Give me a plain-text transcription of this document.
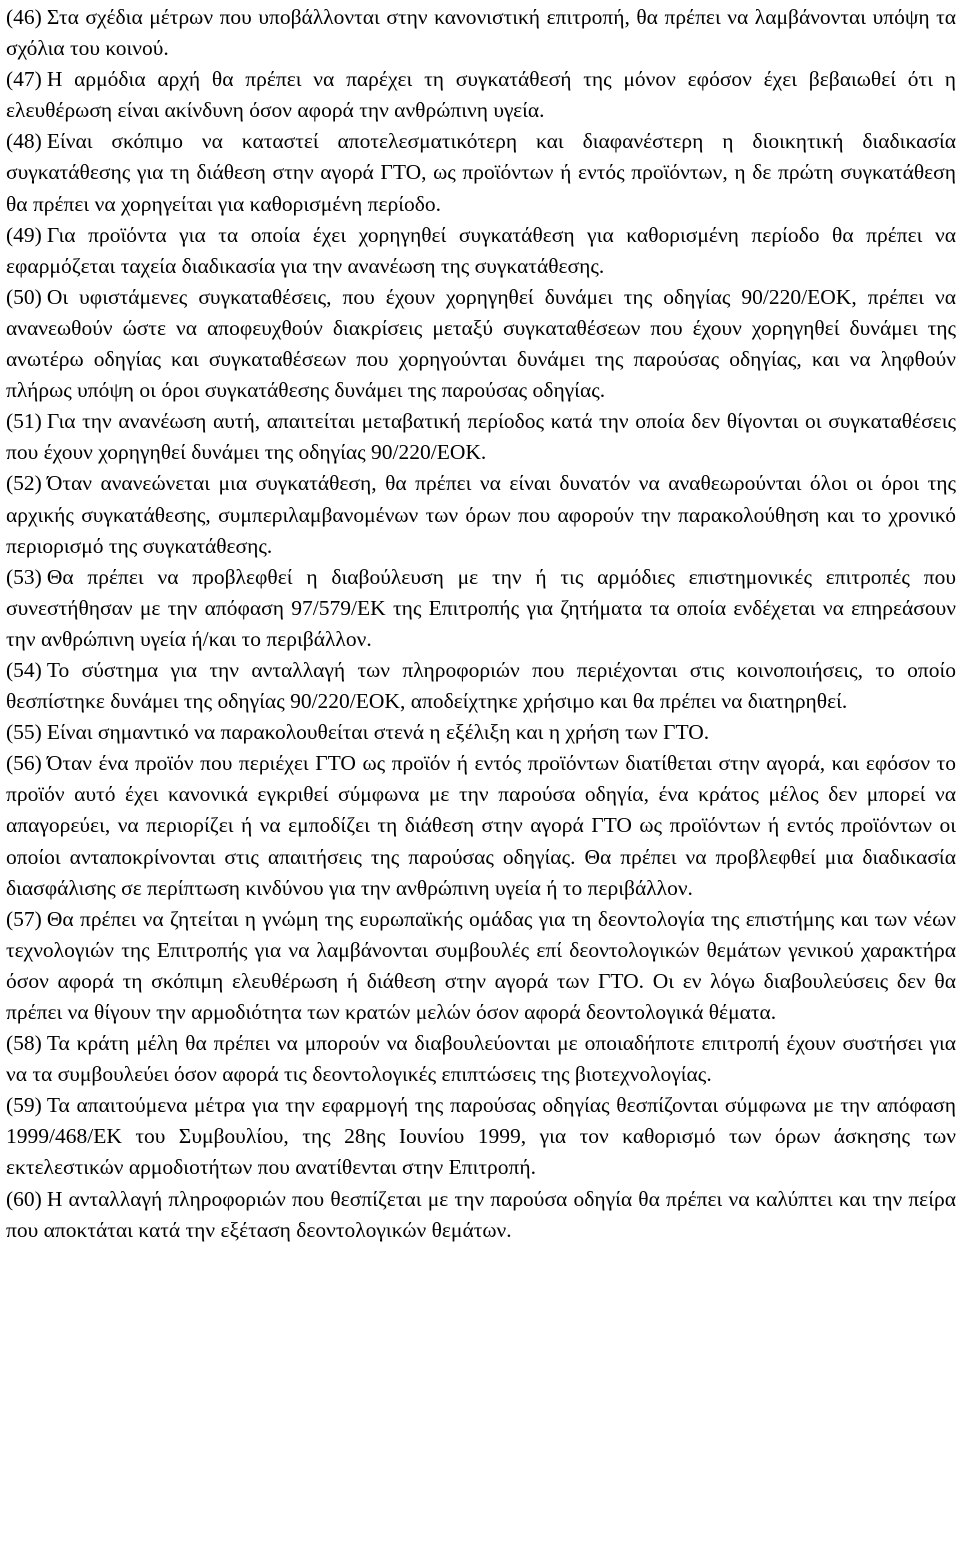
(46) Στα σχέδια μέτρων που υποβάλλονται στην κανονιστική επιτροπή, θα πρέπει να λαμβάνονται υπόψη τα σχόλια του κοινού.

(47) Η αρμόδια αρχή θα πρέπει να παρέχει τη συγκατάθεσή της μόνον εφόσον έχει βεβαιωθεί ότι η ελευθέρωση είναι ακίνδυνη όσον αφορά την ανθρώπινη υγεία.

(48) Είναι σκόπιμο να καταστεί αποτελεσματικότερη και διαφανέστερη η διοικητική διαδικασία συγκατάθεσης για τη διάθεση στην αγορά ΓΤΟ, ως προϊόντων ή εντός προϊόντων, η δε πρώτη συγκατάθεση θα πρέπει να χορηγείται για καθορισμένη περίοδο.

(49) Για προϊόντα για τα οποία έχει χορηγηθεί συγκατάθεση για καθορισμένη περίοδο θα πρέπει να εφαρμόζεται ταχεία διαδικασία για την ανανέωση της συγκατάθεσης.

(50) Οι υφιστάμενες συγκαταθέσεις, που έχουν χορηγηθεί δυνάμει της οδηγίας 90/220/ΕΟΚ, πρέπει να ανανεωθούν ώστε να αποφευχθούν διακρίσεις μεταξύ συγκαταθέσεων που έχουν χορηγηθεί δυνάμει της ανωτέρω οδηγίας και συγκαταθέσεων που χορηγούνται δυνάμει της παρούσας οδηγίας, και να ληφθούν πλήρως υπόψη οι όροι συγκατάθεσης δυνάμει της παρούσας οδηγίας.

(51) Για την ανανέωση αυτή, απαιτείται μεταβατική περίοδος κατά την οποία δεν θίγονται οι συγκαταθέσεις που έχουν χορηγηθεί δυνάμει της οδηγίας 90/220/ΕΟΚ.

(52) Όταν ανανεώνεται μια συγκατάθεση, θα πρέπει να είναι δυνατόν να αναθεωρούνται όλοι οι όροι της αρχικής συγκατάθεσης, συμπεριλαμβανομένων των όρων που αφορούν την παρακολούθηση και το χρονικό περιορισμό της συγκατάθεσης.

(53) Θα πρέπει να προβλεφθεί η διαβούλευση με την ή τις αρμόδιες επιστημονικές επιτροπές που συνεστήθησαν με την απόφαση 97/579/ΕΚ της Επιτροπής για ζητήματα τα οποία ενδέχεται να επηρεάσουν την ανθρώπινη υγεία ή/και το περιβάλλον.

(54) Το σύστημα για την ανταλλαγή των πληροφοριών που περιέχονται στις κοινοποιήσεις, το οποίο θεσπίστηκε δυνάμει της οδηγίας 90/220/ΕΟΚ, αποδείχτηκε χρήσιμο και θα πρέπει να διατηρηθεί.

(55) Είναι σημαντικό να παρακολουθείται στενά η εξέλιξη και η χρήση των ΓΤΟ.

(56) Όταν ένα προϊόν που περιέχει ΓΤΟ ως προϊόν ή εντός προϊόντων διατίθεται στην αγορά, και εφόσον το προϊόν αυτό έχει κανονικά εγκριθεί σύμφωνα με την παρούσα οδηγία, ένα κράτος μέλος δεν μπορεί να απαγορεύει, να περιορίζει ή να εμποδίζει τη διάθεση στην αγορά ΓΤΟ ως προϊόντων ή εντός προϊόντων οι οποίοι ανταποκρίνονται στις απαιτήσεις της παρούσας οδηγίας. Θα πρέπει να προβλεφθεί μια διαδικασία διασφάλισης σε περίπτωση κινδύνου για την ανθρώπινη υγεία ή το περιβάλλον.

(57) Θα πρέπει να ζητείται η γνώμη της ευρωπαϊκής ομάδας για τη δεοντολογία της επιστήμης και των νέων τεχνολογιών της Επιτροπής για να λαμβάνονται συμβουλές επί δεοντολογικών θεμάτων γενικού χαρακτήρα όσον αφορά τη σκόπιμη ελευθέρωση ή διάθεση στην αγορά των ΓΤΟ. Οι εν λόγω διαβουλεύσεις δεν θα πρέπει να θίγουν την αρμοδιότητα των κρατών μελών όσον αφορά δεοντολογικά θέματα.

(58) Τα κράτη μέλη θα πρέπει να μπορούν να διαβουλεύονται με οποιαδήποτε επιτροπή έχουν συστήσει για να τα συμβουλεύει όσον αφορά τις δεοντολογικές επιπτώσεις της βιοτεχνολογίας.

(59) Τα απαιτούμενα μέτρα για την εφαρμογή της παρούσας οδηγίας θεσπίζονται σύμφωνα με την απόφαση 1999/468/ΕΚ του Συμβουλίου, της 28ης Ιουνίου 1999, για τον καθορισμό των όρων άσκησης των εκτελεστικών αρμοδιοτήτων που ανατίθενται στην Επιτροπή.

(60) Η ανταλλαγή πληροφοριών που θεσπίζεται με την παρούσα οδηγία θα πρέπει να καλύπτει και την πείρα που αποκτάται κατά την εξέταση δεοντολογικών θεμάτων.
